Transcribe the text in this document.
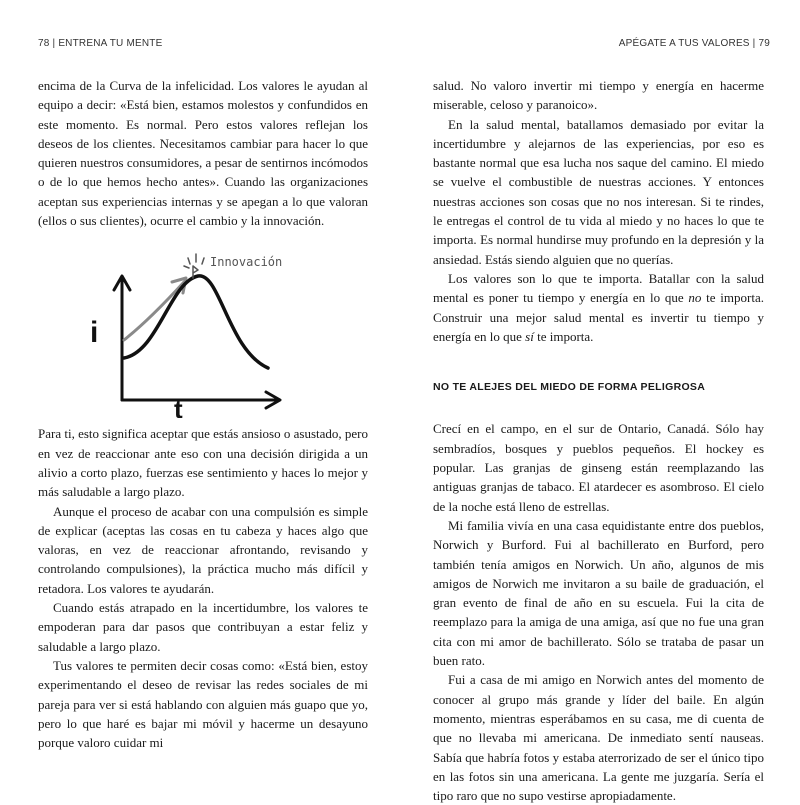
78 | ENTRENA TU MENTE	APÉGATE A TUS VALORES | 79

encima de la Curva de la infelicidad. Los valores le ayudan al equipo a decir: «Está bien, estamos molestos y confundidos en este momento. Es normal. Pero estos valores reflejan los deseos de los clientes. Necesitamos cambiar para hacer lo que quieren nuestros consumidores, a pesar de sentirnos incómodos o de lo que hemos hecho antes». Cuando las organizaciones aceptan sus experiencias internas y se apegan a lo que valoran (ellos o sus clientes), ocurre el cambio y la innovación.

Innovación
i
t

Para ti, esto significa aceptar que estás ansioso o asustado, pero en vez de reaccionar ante eso con una decisión dirigida a un alivio a corto plazo, fuerzas ese sentimiento y haces lo mejor y más saludable a largo plazo.

Aunque el proceso de acabar con una compulsión es simple de explicar (aceptas las cosas en tu cabeza y haces algo que valoras, en vez de reaccionar afrontando, revisando y controlando compulsiones), la práctica mucho más difícil y retadora. Los valores te ayudarán.

Cuando estás atrapado en la incertidumbre, los valores te empoderan para dar pasos que contribuyan a estar feliz y saludable a largo plazo.

Tus valores te permiten decir cosas como: «Está bien, estoy experimentando el deseo de revisar las redes sociales de mi pareja para ver si está hablando con alguien más guapo que yo, pero lo que haré es bajar mi móvil y hacerme un desayuno porque valoro cuidar mi

salud. No valoro invertir mi tiempo y energía en hacerme miserable, celoso y paranoico».

En la salud mental, batallamos demasiado por evitar la incertidumbre y alejarnos de las experiencias, por eso es bastante normal que esa lucha nos saque del camino. El miedo se vuelve el combustible de nuestras acciones. Y entonces nuestras acciones son cosas que no nos interesan. Si te rindes, le entregas el control de tu vida al miedo y no haces lo que te importa. Es normal hundirse muy profundo en la depresión y la ansiedad. Estás siendo alguien que no querías.

Los valores son lo que te importa. Batallar con la salud mental es poner tu tiempo y energía en lo que no te importa. Construir una mejor salud mental es invertir tu tiempo y energía en lo que sí te importa.

NO TE ALEJES DEL MIEDO DE FORMA PELIGROSA

Crecí en el campo, en el sur de Ontario, Canadá. Sólo hay sembradíos, bosques y pueblos pequeños. El hockey es popular. Las granjas de ginseng están reemplazando las antiguas granjas de tabaco. El atardecer es asombroso. El cielo de la noche está lleno de estrellas.

Mi familia vivía en una casa equidistante entre dos pueblos, Norwich y Burford. Fui al bachillerato en Burford, pero también tenía amigos en Norwich. Un año, algunos de mis amigos de Norwich me invitaron a su baile de graduación, el gran evento de final de año en su escuela. Fui la cita de reemplazo para la amiga de una amiga, así que no fue una gran cita con mi amor de bachillerato. Sólo se trataba de pasar un buen rato.

Fui a casa de mi amigo en Norwich antes del momento de conocer al grupo más grande y líder del baile. En algún momento, mientras esperábamos en su casa, me di cuenta de que no llevaba mi americana. De inmediato sentí nauseas. Sabía que habría fotos y estaba aterrorizado de ser el único tipo en las fotos sin una americana. La gente me juzgaría. Sería el tipo raro que no supo vestirse apropiadamente.
